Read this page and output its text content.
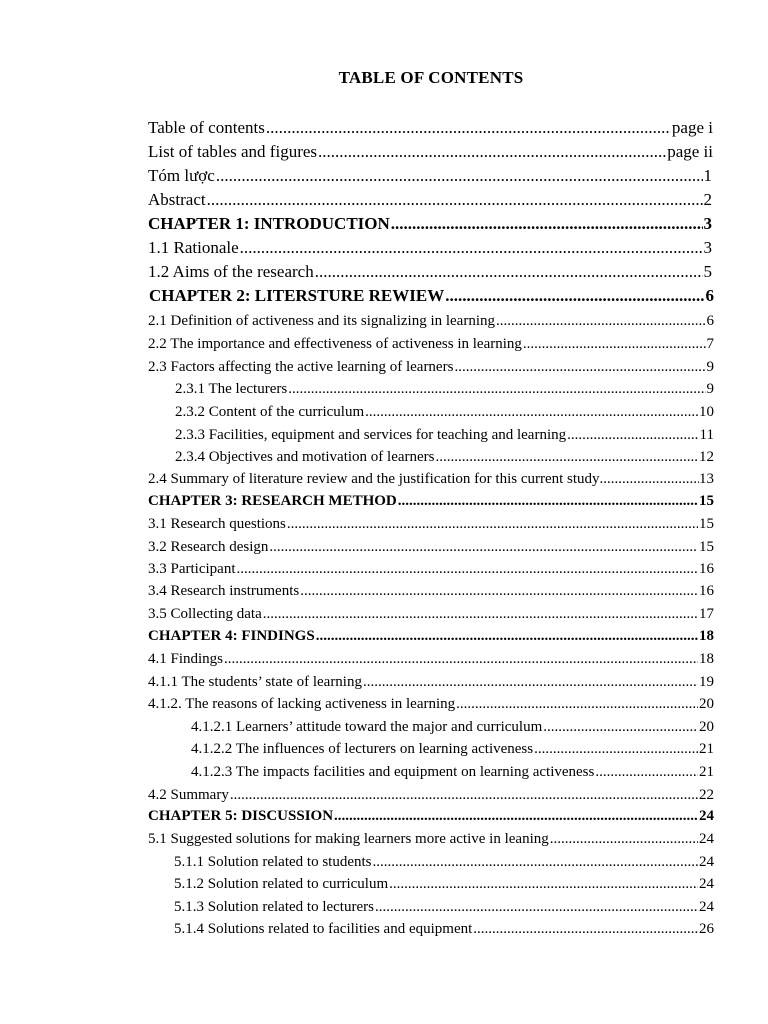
TABLE OF CONTENTS
Table of contents .....	page i
List of tables and figures .....	page ii
Tóm lược .....	1
Abstract .....	2
CHAPTER 1: INTRODUCTION .....	3
1.1 Rationale .....	3
1.2 Aims of the research .....	5
CHAPTER 2: LITERSTURE REWIEW .....	6
2.1 Definition of activeness and its signalizing in learning .....	6
2.2 The importance and effectiveness of activeness in learning .....	7
2.3 Factors affecting the active learning of learners .....	9
2.3.1 The lecturers .....	9
2.3.2 Content of the curriculum .....	10
2.3.3 Facilities, equipment and services for teaching and learning .....	11
2.3.4 Objectives and motivation of learners .....	12
2.4 Summary of literature review and the justification for this current study .....	13
CHAPTER 3: RESEARCH METHOD .....	15
3.1 Research questions .....	15
3.2 Research design .....	15
3.3 Participant .....	16
3.4 Research instruments .....	16
3.5 Collecting data .....	17
CHAPTER 4: FINDINGS .....	18
4.1 Findings .....	18
4.1.1 The students’ state of learning .....	19
4.1.2. The reasons of lacking activeness in learning .....	20
4.1.2.1 Learners’ attitude toward the major and curriculum .....	20
4.1.2.2 The influences of lecturers on learning activeness .....	21
4.1.2.3 The impacts facilities and equipment on learning activeness .....	21
4.2 Summary .....	22
CHAPTER 5: DISCUSSION .....	24
5.1 Suggested solutions for making learners more active in leaning .....	24
5.1.1 Solution related to students .....	24
5.1.2 Solution related to curriculum .....	24
5.1.3 Solution related to lecturers .....	24
5.1.4 Solutions related to facilities and equipment .....	26
